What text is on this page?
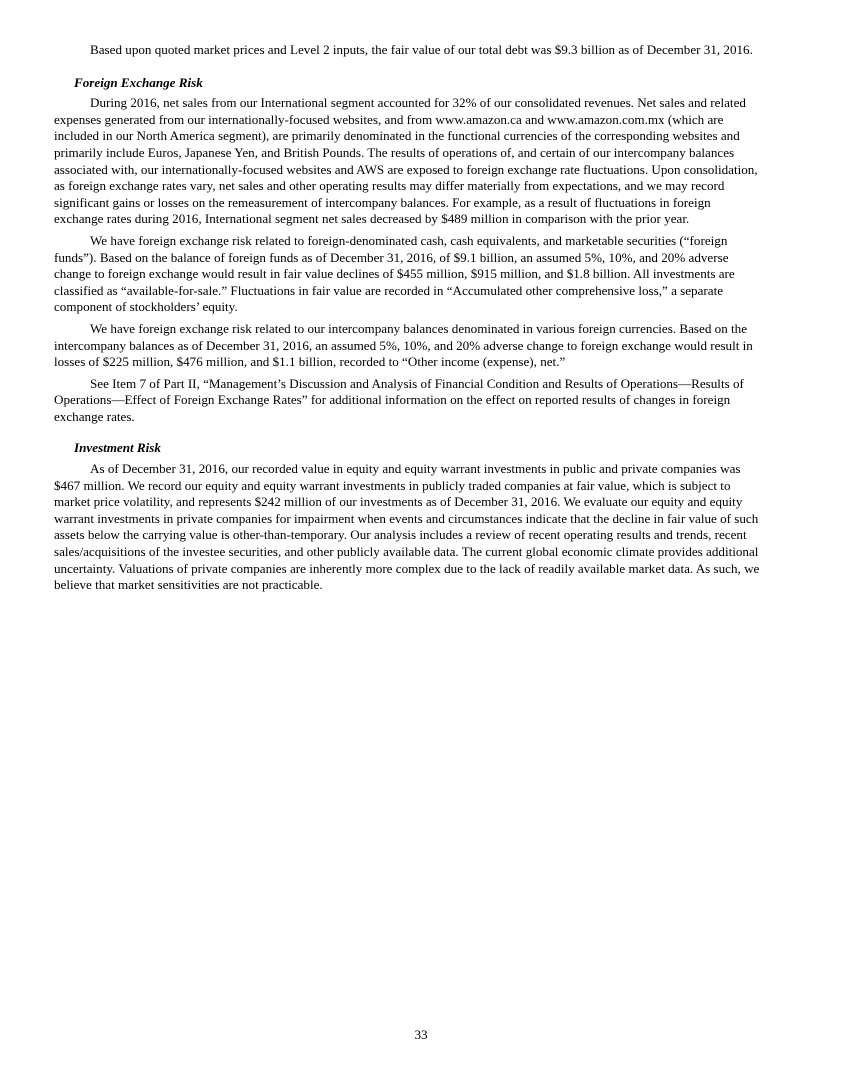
Based upon quoted market prices and Level 2 inputs, the fair value of our total debt was $9.3 billion as of December 31, 2016.

Foreign Exchange Risk

During 2016, net sales from our International segment accounted for 32% of our consolidated revenues. Net sales and related expenses generated from our internationally-focused websites, and from www.amazon.ca and www.amazon.com.mx (which are included in our North America segment), are primarily denominated in the functional currencies of the corresponding websites and primarily include Euros, Japanese Yen, and British Pounds. The results of operations of, and certain of our intercompany balances associated with, our internationally-focused websites and AWS are exposed to foreign exchange rate fluctuations. Upon consolidation, as foreign exchange rates vary, net sales and other operating results may differ materially from expectations, and we may record significant gains or losses on the remeasurement of intercompany balances. For example, as a result of fluctuations in foreign exchange rates during 2016, International segment net sales decreased by $489 million in comparison with the prior year.

We have foreign exchange risk related to foreign-denominated cash, cash equivalents, and marketable securities (“foreign funds”). Based on the balance of foreign funds as of December 31, 2016, of $9.1 billion, an assumed 5%, 10%, and 20% adverse change to foreign exchange would result in fair value declines of $455 million, $915 million, and $1.8 billion. All investments are classified as “available-for-sale.” Fluctuations in fair value are recorded in “Accumulated other comprehensive loss,” a separate component of stockholders’ equity.

We have foreign exchange risk related to our intercompany balances denominated in various foreign currencies. Based on the intercompany balances as of December 31, 2016, an assumed 5%, 10%, and 20% adverse change to foreign exchange would result in losses of $225 million, $476 million, and $1.1 billion, recorded to “Other income (expense), net.”

See Item 7 of Part II, “Management’s Discussion and Analysis of Financial Condition and Results of Operations—Results of Operations—Effect of Foreign Exchange Rates” for additional information on the effect on reported results of changes in foreign exchange rates.

Investment Risk

As of December 31, 2016, our recorded value in equity and equity warrant investments in public and private companies was $467 million. We record our equity and equity warrant investments in publicly traded companies at fair value, which is subject to market price volatility, and represents $242 million of our investments as of December 31, 2016. We evaluate our equity and equity warrant investments in private companies for impairment when events and circumstances indicate that the decline in fair value of such assets below the carrying value is other-than-temporary. Our analysis includes a review of recent operating results and trends, recent sales/acquisitions of the investee securities, and other publicly available data. The current global economic climate provides additional uncertainty. Valuations of private companies are inherently more complex due to the lack of readily available market data. As such, we believe that market sensitivities are not practicable.

33
